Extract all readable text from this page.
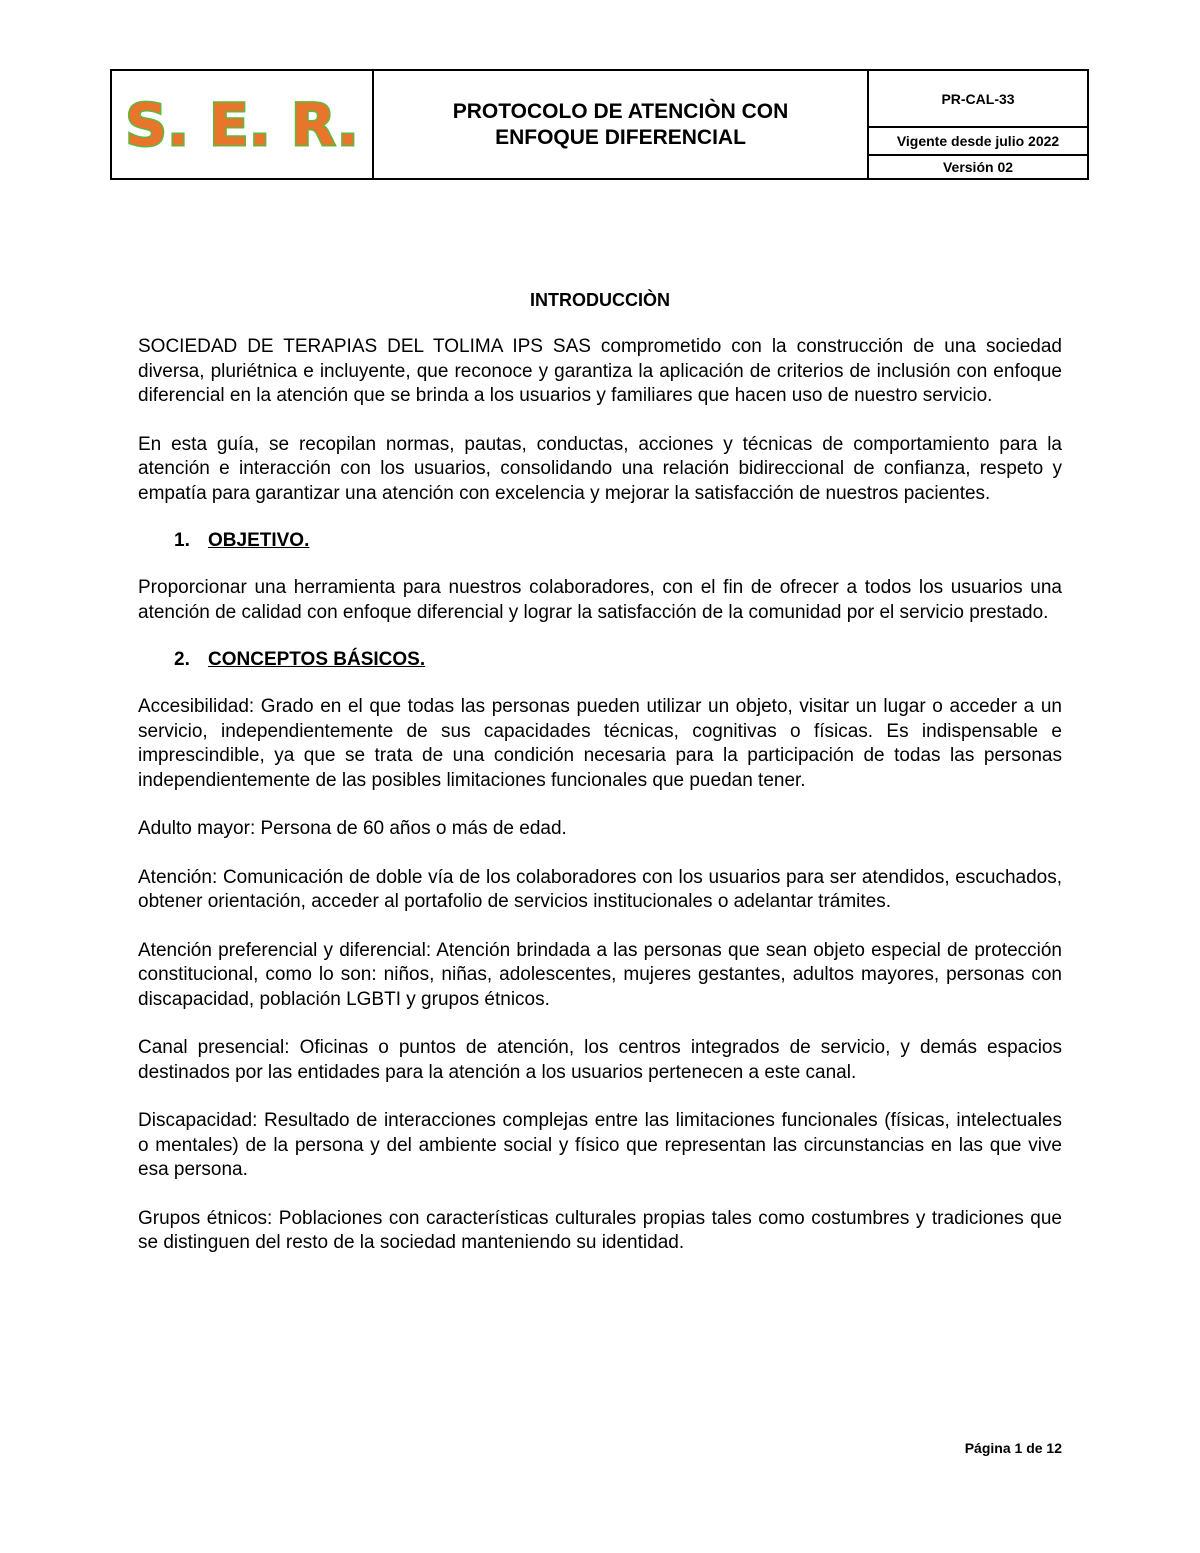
S. E. R.	PROTOCOLO DE ATENCIÒN CON
ENFOQUE DIFERENCIAL
PR-CAL-33
Vigente desde julio 2022
Versión 02
INTRODUCCIÒN

SOCIEDAD DE TERAPIAS DEL TOLIMA IPS SAS comprometido con la construcción de una sociedad diversa, pluriétnica e incluyente, que reconoce y garantiza la aplicación de criterios de inclusión con enfoque diferencial en la atención que se brinda a los usuarios y familiares que hacen uso de nuestro servicio.

En esta guía, se recopilan normas, pautas, conductas, acciones y técnicas de comportamiento para la atención e interacción con los usuarios, consolidando una relación bidireccional de confianza, respeto y empatía para garantizar una atención con excelencia y mejorar la satisfacción de nuestros pacientes.

1. OBJETIVO.

Proporcionar una herramienta para nuestros colaboradores, con el fin de ofrecer a todos los usuarios una atención de calidad con enfoque diferencial y lograr la satisfacción de la comunidad por el servicio prestado.

2. CONCEPTOS BÁSICOS.

Accesibilidad: Grado en el que todas las personas pueden utilizar un objeto, visitar un lugar o acceder a un servicio, independientemente de sus capacidades técnicas, cognitivas o físicas. Es indispensable e imprescindible, ya que se trata de una condición necesaria para la participación de todas las personas independientemente de las posibles limitaciones funcionales que puedan tener.

Adulto mayor: Persona de 60 años o más de edad.

Atención: Comunicación de doble vía de los colaboradores con los usuarios para ser atendidos, escuchados, obtener orientación, acceder al portafolio de servicios institucionales o adelantar trámites.

Atención preferencial y diferencial: Atención brindada a las personas que sean objeto especial de protección constitucional, como lo son: niños, niñas, adolescentes, mujeres gestantes, adultos mayores, personas con discapacidad, población LGBTI y grupos étnicos.

Canal presencial: Oficinas o puntos de atención, los centros integrados de servicio, y demás espacios destinados por las entidades para la atención a los usuarios pertenecen a este canal.

Discapacidad: Resultado de interacciones complejas entre las limitaciones funcionales (físicas, intelectuales o mentales) de la persona y del ambiente social y físico que representan las circunstancias en las que vive esa persona.

Grupos étnicos: Poblaciones con características culturales propias tales como costumbres y tradiciones que se distinguen del resto de la sociedad manteniendo su identidad.

Página 1 de 12
